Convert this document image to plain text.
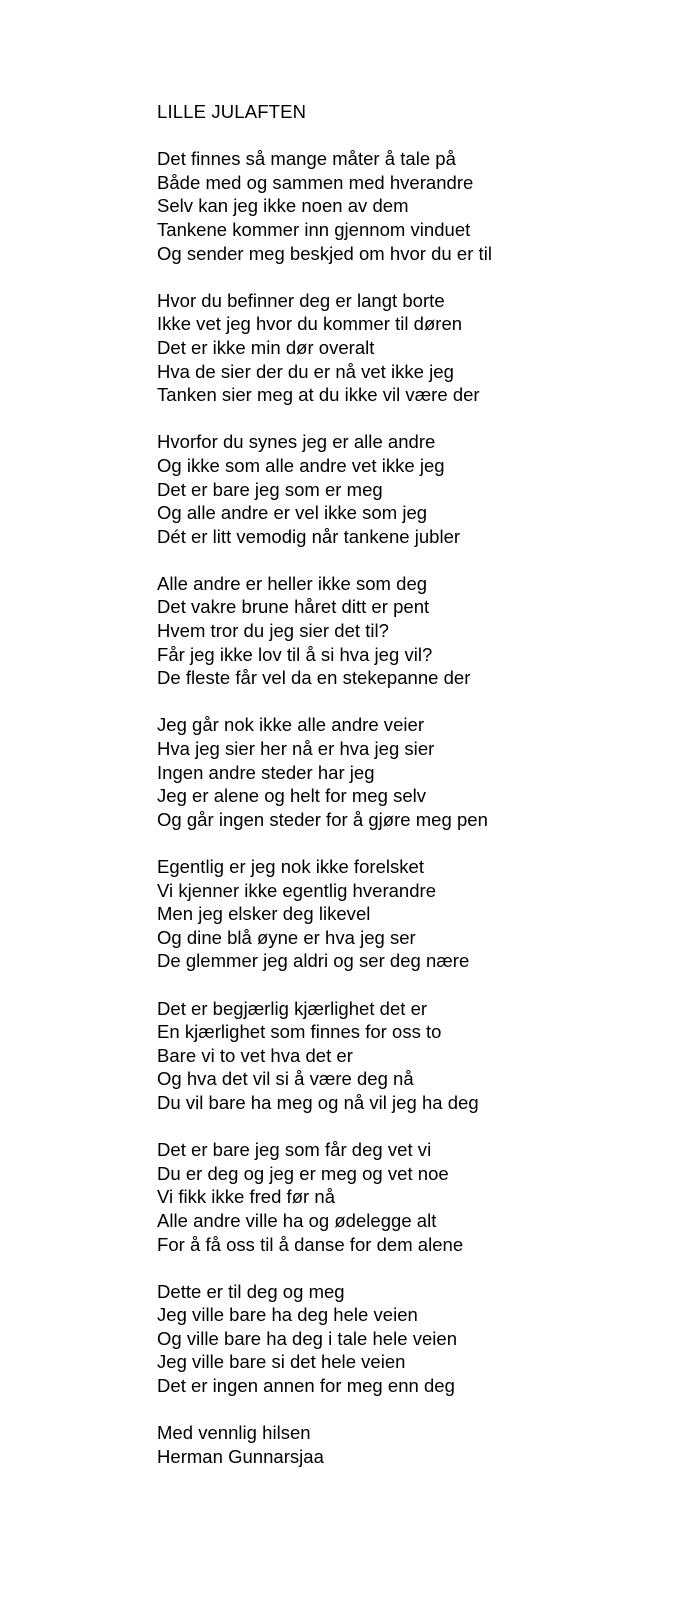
LILLE JULAFTEN
Det finnes så mange måter å tale på
Både med og sammen med hverandre
Selv kan jeg ikke noen av dem
Tankene kommer inn gjennom vinduet
Og sender meg beskjed om hvor du er til
Hvor du befinner deg er langt borte
Ikke vet jeg hvor du kommer til døren
Det er ikke min dør overalt
Hva de sier der du er nå vet ikke jeg
Tanken sier meg at du ikke vil være der
Hvorfor du synes jeg er alle andre
Og ikke som alle andre vet ikke jeg
Det er bare jeg som er meg
Og alle andre er vel ikke som jeg
Dét er litt vemodig når tankene jubler
Alle andre er heller ikke som deg
Det vakre brune håret ditt er pent
Hvem tror du jeg sier det til?
Får jeg ikke lov til å si hva jeg vil?
De fleste får vel da en stekepanne der
Jeg går nok ikke alle andre veier
Hva jeg sier her nå er hva jeg sier
Ingen andre steder har jeg
Jeg er alene og helt for meg selv
Og går ingen steder for å gjøre meg pen
Egentlig er jeg nok ikke forelsket
Vi kjenner ikke egentlig hverandre
Men jeg elsker deg likevel
Og dine blå øyne er hva jeg ser
De glemmer jeg aldri og ser deg nære
Det er begjærlig kjærlighet det er
En kjærlighet som finnes for oss to
Bare vi to vet hva det er
Og hva det vil si å være deg nå
Du vil bare ha meg og nå vil jeg ha deg
Det er bare jeg som får deg vet vi
Du er deg og jeg er meg og vet noe
Vi fikk ikke fred før nå
Alle andre ville ha og ødelegge alt
For å få oss til å danse for dem alene
Dette er til deg og meg
Jeg ville bare ha deg hele veien
Og ville bare ha deg i tale hele veien
Jeg ville bare si det hele veien
Det er ingen annen for meg enn deg
Med vennlig hilsen
Herman Gunnarsjaa
